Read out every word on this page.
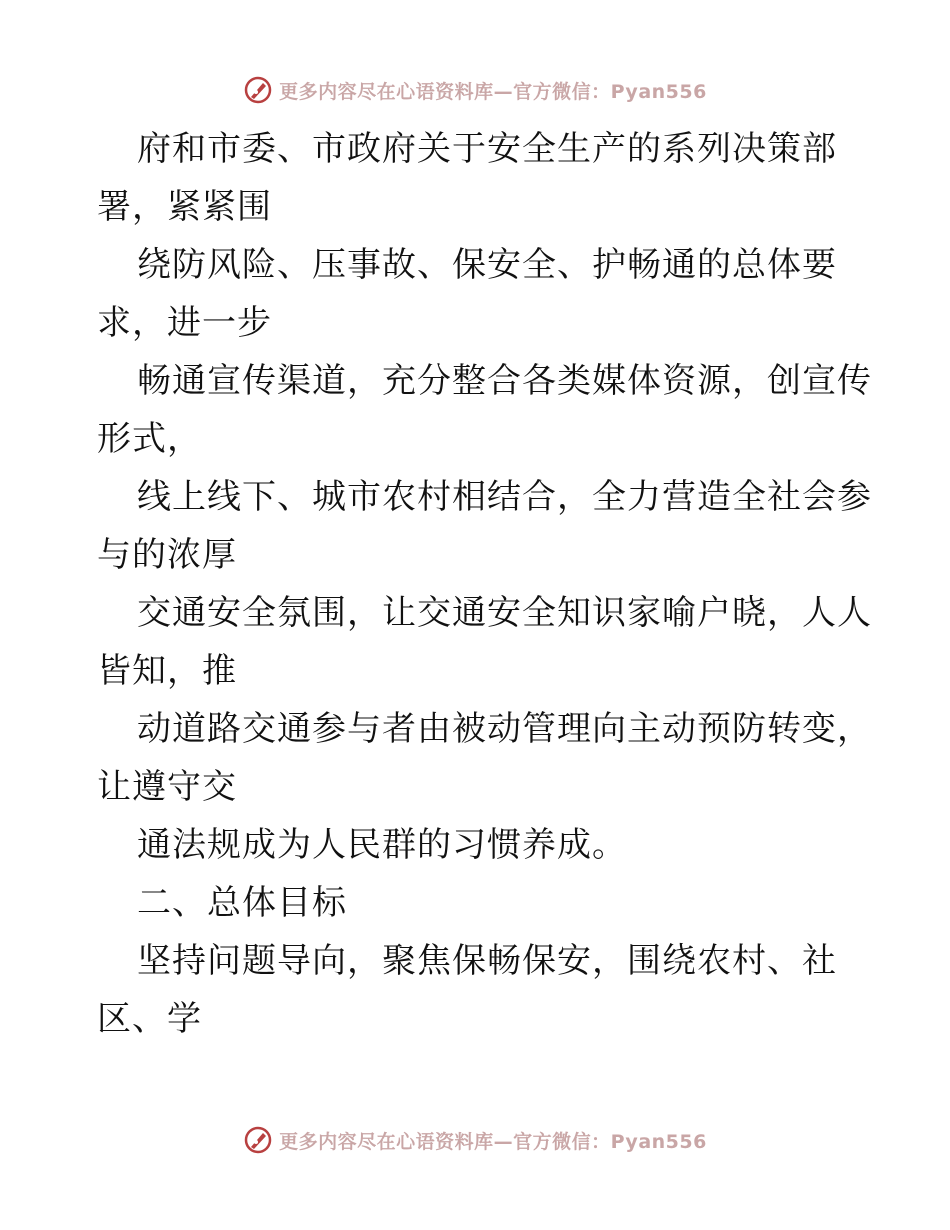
更多内容尽在心语资料库—官方微信：Pyan556
府和市委、市政府关于安全生产的系列决策部
署，紧紧围
绕防风险、压事故、保安全、护畅通的总体要
求，进一步
畅通宣传渠道，充分整合各类媒体资源，创宣传
形式，
线上线下、城市农村相结合，全力营造全社会参
与的浓厚
交通安全氛围，让交通安全知识家喻户晓，人人
皆知，推
动道路交通参与者由被动管理向主动预防转变，
让遵守交
通法规成为人民群的习惯养成。
二、总体目标
坚持问题导向，聚焦保畅保安，围绕农村、社
区、学
更多内容尽在心语资料库—官方微信：Pyan556
